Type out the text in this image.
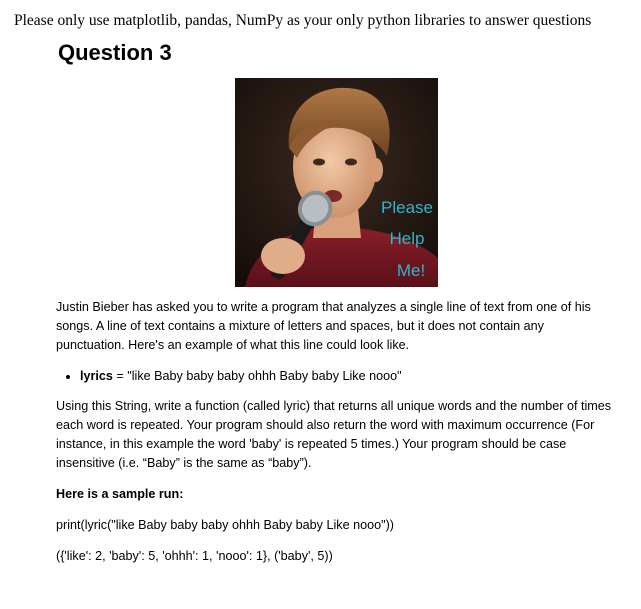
Please only use matplotlib, pandas, NumPy as your only python libraries to answer questions
Question 3
Please
Help
Me!

Justin Bieber has asked you to write a program that analyzes a single line of text from one of his songs. A line of text contains a mixture of letters and spaces, but it does not contain any punctuation. Here's an example of what this line could look like.

• lyrics = "like Baby baby baby ohhh Baby baby Like nooo"

Using this String, write a function (called lyric) that returns all unique words and the number of times each word is repeated. Your program should also return the word with maximum occurrence (For instance, in this example the word 'baby' is repeated 5 times.) Your program should be case insensitive (i.e. “Baby” is the same as “baby”).

Here is a sample run:

print(lyric("like Baby baby baby ohhh Baby baby Like nooo"))

({'like': 2, 'baby': 5, 'ohhh': 1, 'nooo': 1}, ('baby', 5))
